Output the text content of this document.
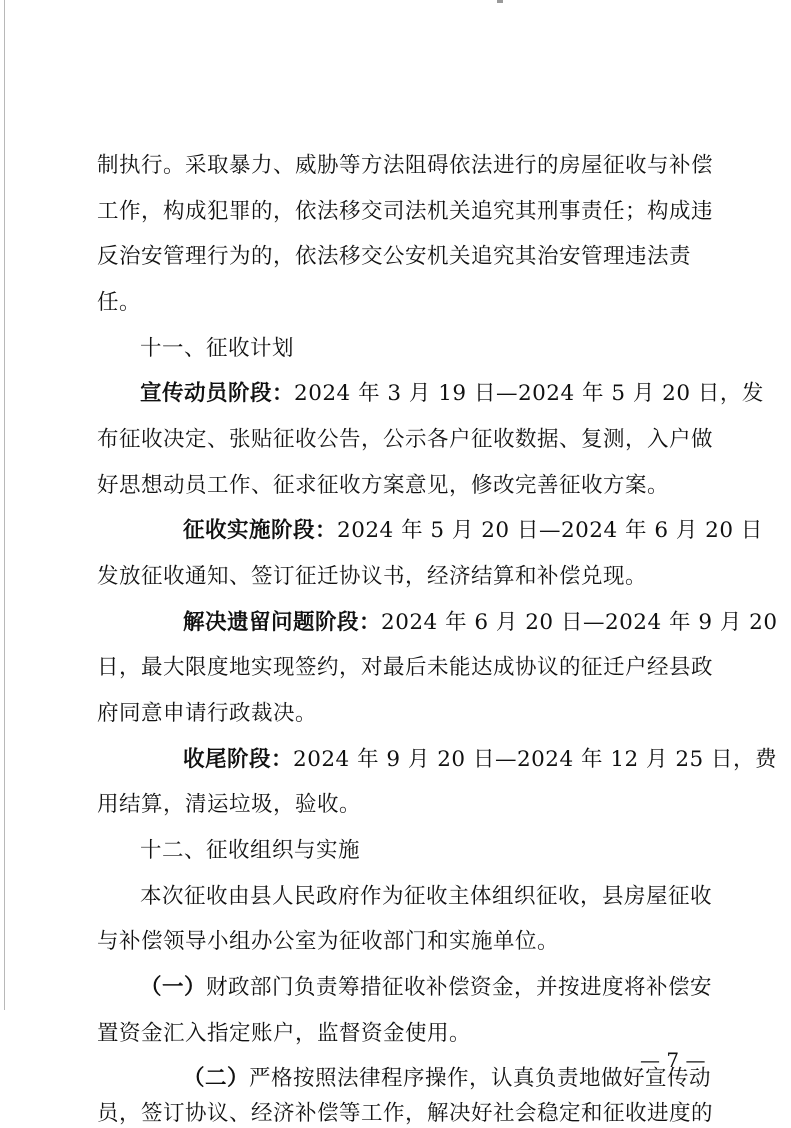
制执行。采取暴力、威胁等方法阻碍依法进行的房屋征收与补偿
工作，构成犯罪的，依法移交司法机关追究其刑事责任；构成违
反治安管理行为的，依法移交公安机关追究其治安管理违法责
任。
十一、征收计划
宣传动员阶段：2024 年 3 月 19 日—2024 年 5 月 20 日，发
布征收决定、张贴征收公告，公示各户征收数据、复测，入户做
好思想动员工作、征求征收方案意见，修改完善征收方案。
征收实施阶段：2024 年 5 月 20 日—2024 年 6 月 20 日
发放征收通知、签订征迁协议书，经济结算和补偿兑现。
解决遗留问题阶段：2024 年 6 月 20 日—2024 年 9 月 20
日，最大限度地实现签约，对最后未能达成协议的征迁户经县政
府同意申请行政裁决。
收尾阶段：2024 年 9 月 20 日—2024 年 12 月 25 日，费
用结算，清运垃圾，验收。
十二、征收组织与实施
本次征收由县人民政府作为征收主体组织征收，县房屋征收
与补偿领导小组办公室为征收部门和实施单位。
（一）财政部门负责筹措征收补偿资金，并按进度将补偿安
置资金汇入指定账户，监督资金使用。
（二）严格按照法律程序操作，认真负责地做好宣传动
员，签订协议、经济补偿等工作，解决好社会稳定和征收进度的
— 7 —
